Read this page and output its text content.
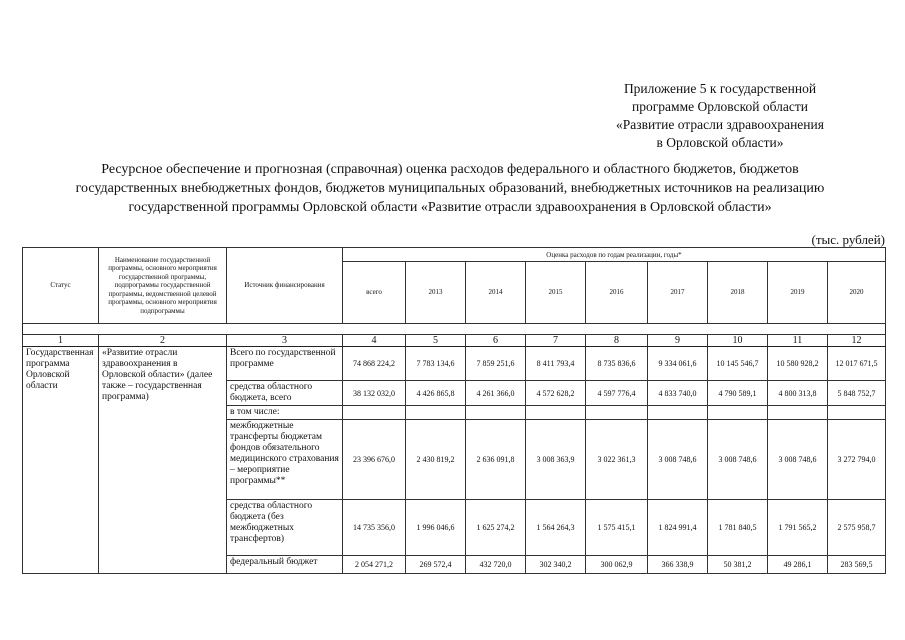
Приложение 5 к государственной
программе Орловской области
«Развитие отрасли здравоохранения
в Орловской области»
Ресурсное обеспечение и прогнозная (справочная) оценка расходов федерального и областного бюджетов, бюджетов
государственных внебюджетных фондов, бюджетов муниципальных образований, внебюджетных источников на реализацию
государственной программы Орловской области «Развитие отрасли здравоохранения в Орловской области»
(тыс. рублей)
Статус	Наименование государственной программы, основного мероприятия государственной программы, подпрограммы государственной программы, ведомственной целевой программы, основного мероприятия подпрограммы	Источник финансирования	Оценка расходов по годам реализации, годы*								
			всего	2013	2014	2015	2016	2017	2018	2019	2020

1	2	3	4	5	6	7	8	9	10	11	12
Государственная программа Орловской области	«Развитие отрасли здравоохранения в Орловской области» (далее также – государственная программа)	Всего по государственной программе	74 868 224,2	7 783 134,6	7 859 251,6	8 411 793,4	8 735 836,6	9 334 061,6	10 145 546,7	10 580 928,2	12 017 671,5
		средства областного бюджета, всего	38 132 032,0	4 426 865,8	4 261 366,0	4 572 628,2	4 597 776,4	4 833 740,0	4 790 589,1	4 800 313,8	5 848 752,7
		в том числе:									
		межбюджетные трансферты бюджетам фондов обязательного медицинского страхования – мероприятие программы**	23 396 676,0	2 430 819,2	2 636 091,8	3 008 363,9	3 022 361,3	3 008 748,6	3 008 748,6	3 008 748,6	3 272 794,0
		средства областного бюджета (без межбюджетных трансфертов)	14 735 356,0	1 996 046,6	1 625 274,2	1 564 264,3	1 575 415,1	1 824 991,4	1 781 840,5	1 791 565,2	2 575 958,7
		федеральный бюджет	2 054 271,2	269 572,4	432 720,0	302 340,2	300 062,9	366 338,9	50 381,2	49 286,1	283 569,5
